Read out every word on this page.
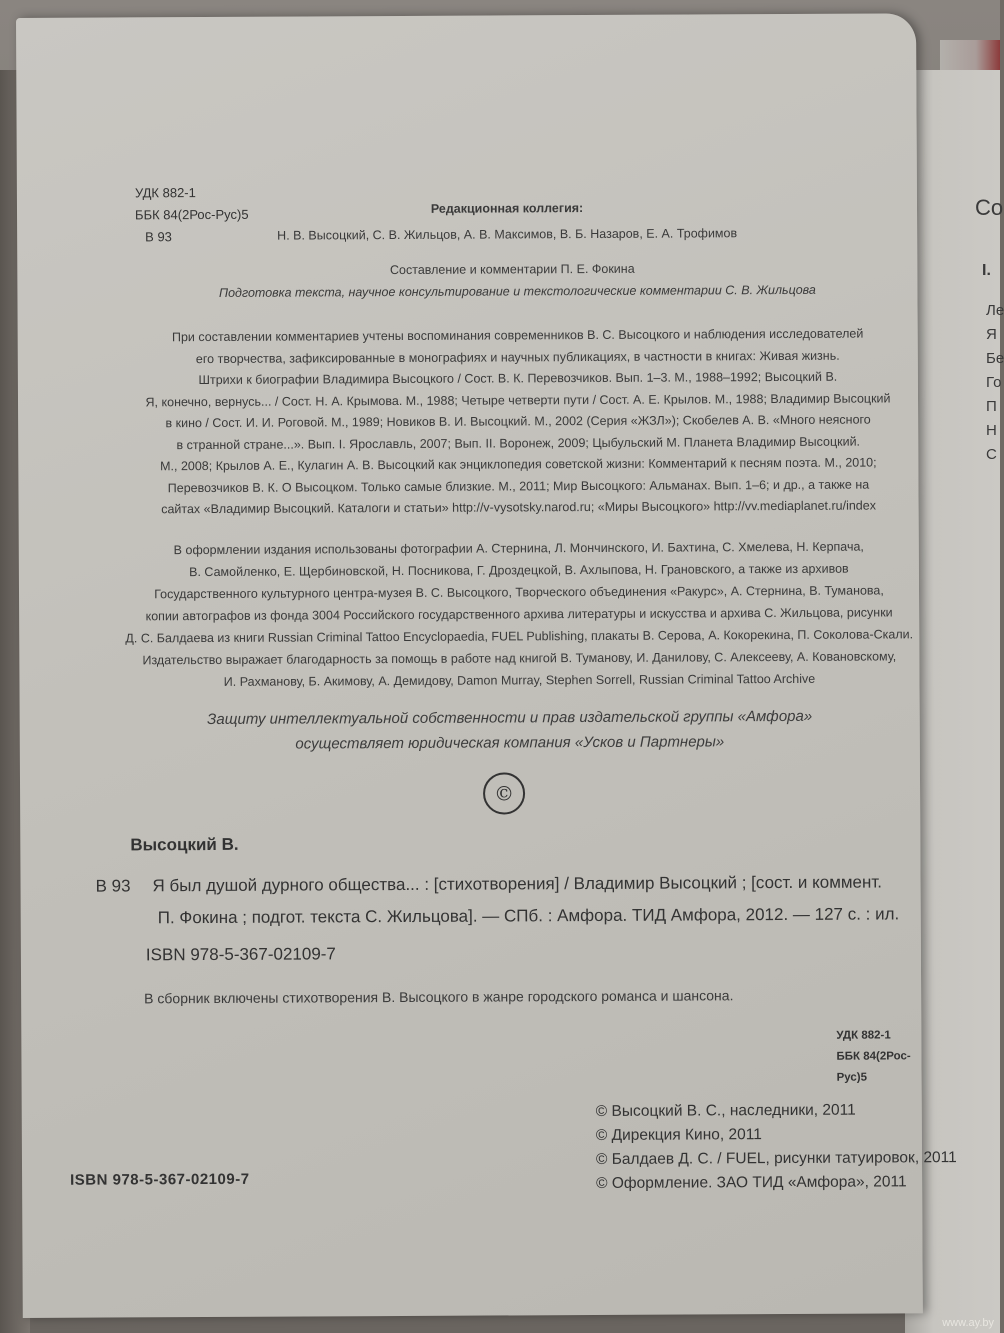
Со
I.
Ле
Я
Бе
Го
П
Н
С
УДК 882-1
ББК 84(2Рос-Рус)5
В 93
Редакционная коллегия:
Н. В. Высоцкий, С. В. Жильцов, А. В. Максимов, В. Б. Назаров, Е. А. Трофимов
Составление и комментарии П. Е. Фокина
Подготовка текста, научное консультирование и текстологические комментарии С. В. Жильцова
При составлении комментариев учтены воспоминания современников В. С. Высоцкого и наблюдения исследователей
его творчества, зафиксированные в монографиях и научных публикациях, в частности в книгах: Живая жизнь.
Штрихи к биографии Владимира Высоцкого / Сост. В. К. Перевозчиков. Вып. 1–3. М., 1988–1992; Высоцкий В.
Я, конечно, вернусь... / Сост. Н. А. Крымова. М., 1988; Четыре четверти пути / Сост. А. Е. Крылов. М., 1988; Владимир Высоцкий
в кино / Сост. И. И. Роговой. М., 1989; Новиков В. И. Высоцкий. М., 2002 (Серия «ЖЗЛ»); Скобелев А. В. «Много неясного
в странной стране...». Вып. I. Ярославль, 2007; Вып. II. Воронеж, 2009; Цыбульский М. Планета Владимир Высоцкий.
М., 2008; Крылов А. Е., Кулагин А. В. Высоцкий как энциклопедия советской жизни: Комментарий к песням поэта. М., 2010;
Перевозчиков В. К. О Высоцком. Только самые близкие. М., 2011; Мир Высоцкого: Альманах. Вып. 1–6; и др., а также на
сайтах «Владимир Высоцкий. Каталоги и статьи» http://v-vysotsky.narod.ru; «Миры Высоцкого» http://vv.mediaplanet.ru/index
В оформлении издания использованы фотографии А. Стернина, Л. Мончинского, И. Бахтина, С. Хмелева, Н. Керпача,
В. Самойленко, Е. Щербиновской, Н. Посникова, Г. Дроздецкой, В. Ахлыпова, Н. Грановского, а также из архивов
Государственного культурного центра-музея В. С. Высоцкого, Творческого объединения «Ракурс», А. Стернина, В. Туманова,
копии автографов из фонда 3004 Российского государственного архива литературы и искусства и архива С. Жильцова, рисунки
Д. С. Балдаева из книги Russian Criminal Tattoo Encyclopaedia, FUEL Publishing, плакаты В. Серова, А. Кокорекина, П. Соколова-Скали.
Издательство выражает благодарность за помощь в работе над книгой В. Туманову, И. Данилову, С. Алексееву, А. Ковановскому,
И. Рахманову, Б. Акимову, А. Демидову, Damon Murray, Stephen Sorrell, Russian Criminal Tattoo Archive
Защиту интеллектуальной собственности и прав издательской группы «Амфора»
осуществляет юридическая компания «Усков и Партнеры»
©
Высоцкий В.
В 93 Я был душой дурного общества... : [стихотворения] / Владимир Высоцкий ; [сост. и коммент.
П. Фокина ; подгот. текста С. Жильцова]. — СПб. : Амфора. ТИД Амфора, 2012. — 127 с. : ил.
ISBN 978-5-367-02109-7
В сборник включены стихотворения В. Высоцкого в жанре городского романса и шансона.
УДК 882-1
ББК 84(2Рос-Рус)5
© Высоцкий В. С., наследники, 2011
© Дирекция Кино, 2011
© Балдаев Д. С. / FUEL, рисунки татуировок, 2011
© Оформление. ЗАО ТИД «Амфора», 2011
ISBN 978-5-367-02109-7
www.ay.by
